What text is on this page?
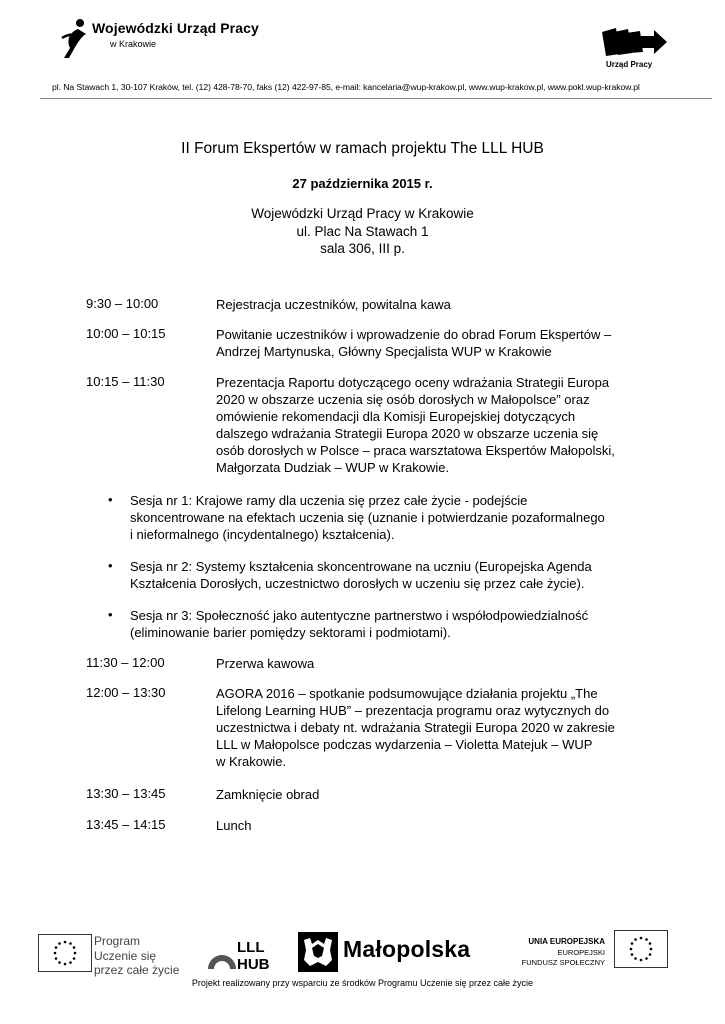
Wojewódzki Urząd Pracy
w Krakowie
Urząd Pracy
pl. Na Stawach 1, 30-107 Kraków, tel. (12) 428-78-70, faks (12) 422-97-85, e-mail: kancelaria@wup-krakow.pl, www.wup-krakow.pl, www.pokl.wup-krakow.pl
II Forum Ekspertów w ramach projektu The LLL HUB
27 października 2015 r.
Wojewódzki Urząd Pracy w Krakowie
ul. Plac Na Stawach 1
sala 306, III p.
9:30 – 10:00	Rejestracja uczestników, powitalna kawa
10:00 – 10:15	Powitanie uczestników i wprowadzenie do obrad Forum Ekspertów –
Andrzej Martynuska, Główny Specjalista WUP w Krakowie
10:15 – 11:30	Prezentacja Raportu dotyczącego oceny wdrażania Strategii Europa
2020 w obszarze uczenia się osób dorosłych w Małopolsce” oraz
omówienie rekomendacji dla Komisji Europejskiej dotyczących
dalszego wdrażania Strategii Europa 2020 w obszarze uczenia się
osób dorosłych w Polsce – praca warsztatowa Ekspertów Małopolski,
Małgorzata Dudziak – WUP w Krakowie.
• Sesja nr 1: Krajowe ramy dla uczenia się przez całe życie - podejście
skoncentrowane na efektach uczenia się (uznanie i potwierdzanie pozaformalnego
i nieformalnego (incydentalnego) kształcenia).
• Sesja nr 2: Systemy kształcenia skoncentrowane na uczniu (Europejska Agenda
Kształcenia Dorosłych, uczestnictwo dorosłych w uczeniu się przez całe życie).
• Sesja nr 3: Społeczność jako autentyczne partnerstwo i współodpowiedzialność
(eliminowanie barier pomiędzy sektorami i podmiotami).
11:30 – 12:00	Przerwa kawowa
12:00 – 13:30	AGORA 2016 – spotkanie podsumowujące działania projektu „The
Lifelong Learning HUB” – prezentacja programu oraz wytycznych do
uczestnictwa i debaty nt. wdrażania Strategii Europa 2020 w zakresie
LLL w Małopolsce podczas wydarzenia – Violetta Matejuk – WUP
w Krakowie.
13:30 – 13:45	Zamknięcie obrad
13:45 – 14:15	Lunch
Program
Uczenie się
przez całe życie
LLL
HUB
Małopolska	UNIA EUROPEJSKA
EUROPEJSKI
FUNDUSZ SPOŁECZNY
Projekt realizowany przy wsparciu ze środków Programu Uczenie się przez całe życie
